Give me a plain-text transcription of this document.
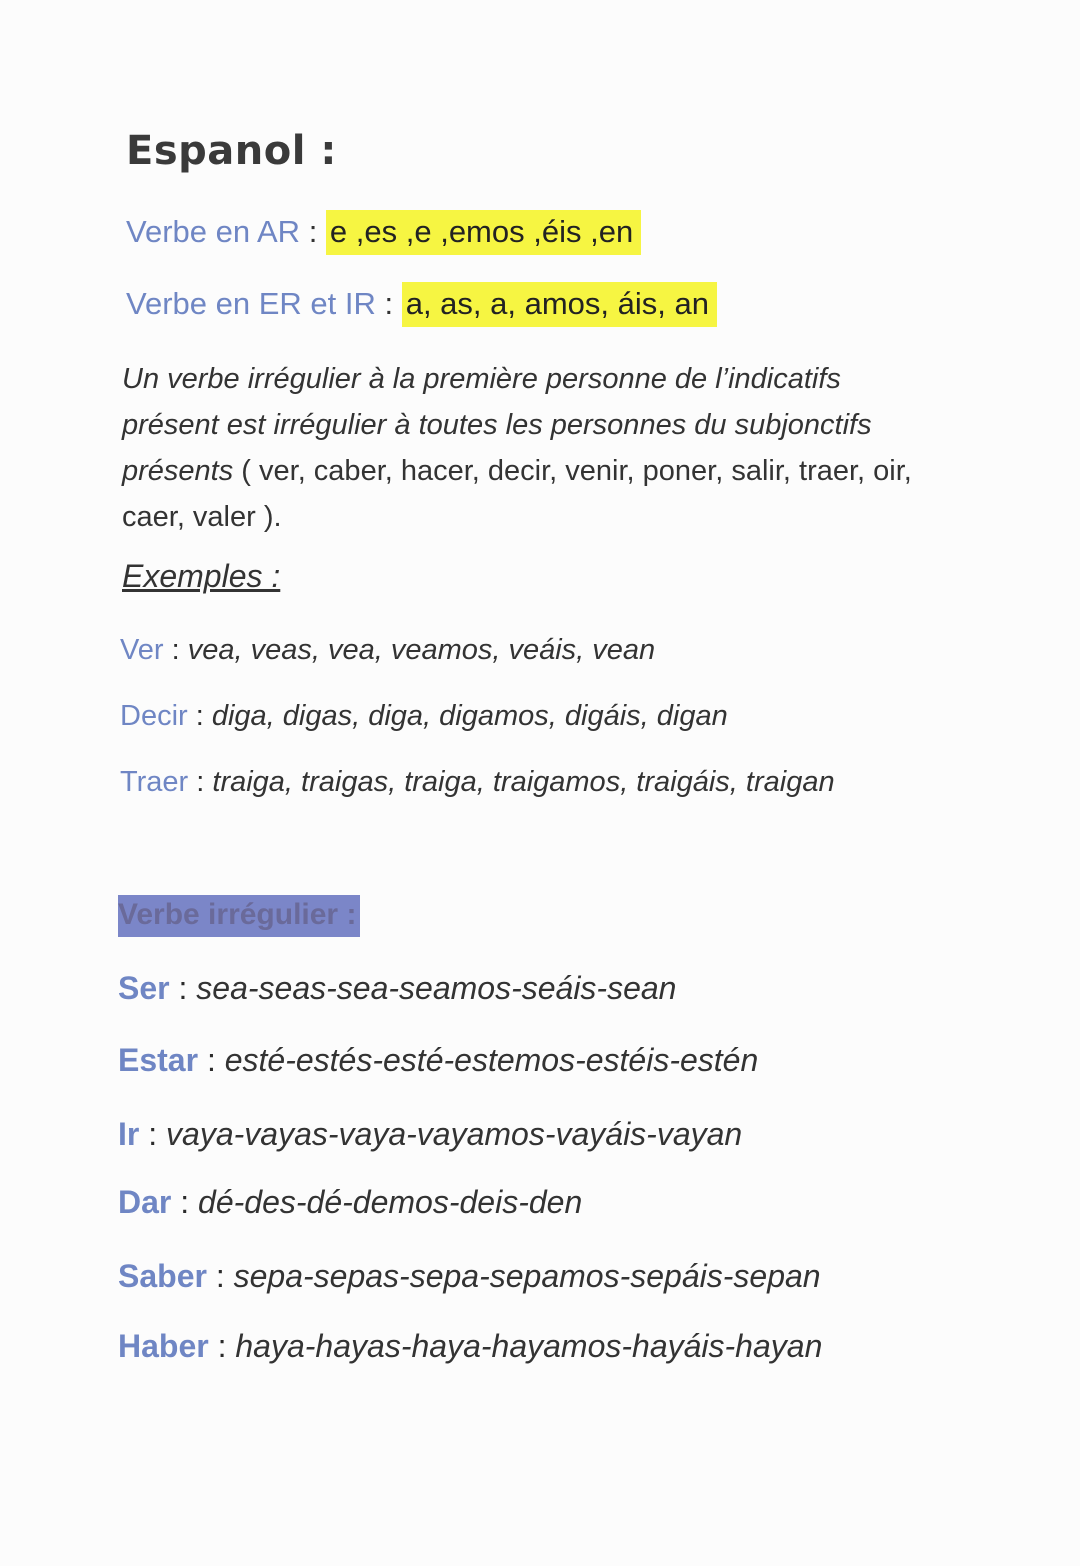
Espanol :
Verbe en AR : e ,es ,e ,emos ,éis ,en
Verbe en ER et IR : a, as, a, amos, áis, an
Un verbe irrégulier à la première personne de l’indicatifs présent est irrégulier à toutes les personnes du subjonctifs présents ( ver, caber, hacer, decir, venir, poner, salir, traer, oir, caer, valer ).
Exemples :
Ver : vea, veas, vea, veamos, veáis, vean
Decir : diga, digas, diga, digamos, digáis, digan
Traer : traiga, traigas, traiga, traigamos, traigáis, traigan
Verbe irrégulier :
Ser : sea-seas-sea-seamos-seáis-sean
Estar : esté-estés-esté-estemos-estéis-estén
Ir : vaya-vayas-vaya-vayamos-vayáis-vayan
Dar : dé-des-dé-demos-deis-den
Saber : sepa-sepas-sepa-sepamos-sepáis-sepan
Haber : haya-hayas-haya-hayamos-hayáis-hayan
